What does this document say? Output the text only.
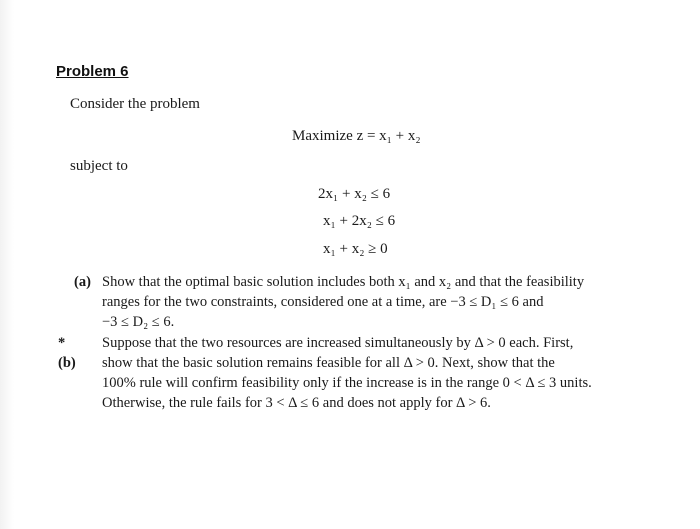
Problem 6
Consider the problem
Maximize z = x₁ + x₂
subject to
2x₁ + x₂ ≤ 6
x₁ + 2x₂ ≤ 6
x₁ + x₂ ≥ 0
(a) Show that the optimal basic solution includes both x₁ and x₂ and that the feasibility
ranges for the two constraints, considered one at a time, are −3 ≤ D₁ ≤ 6 and
−3 ≤ D₂ ≤ 6.
*(b)
Suppose that the two resources are increased simultaneously by Δ > 0 each. First,
show that the basic solution remains feasible for all Δ > 0. Next, show that the
100% rule will confirm feasibility only if the increase is in the range 0 < Δ ≤ 3 units.
Otherwise, the rule fails for 3 < Δ ≤ 6 and does not apply for Δ > 6.
